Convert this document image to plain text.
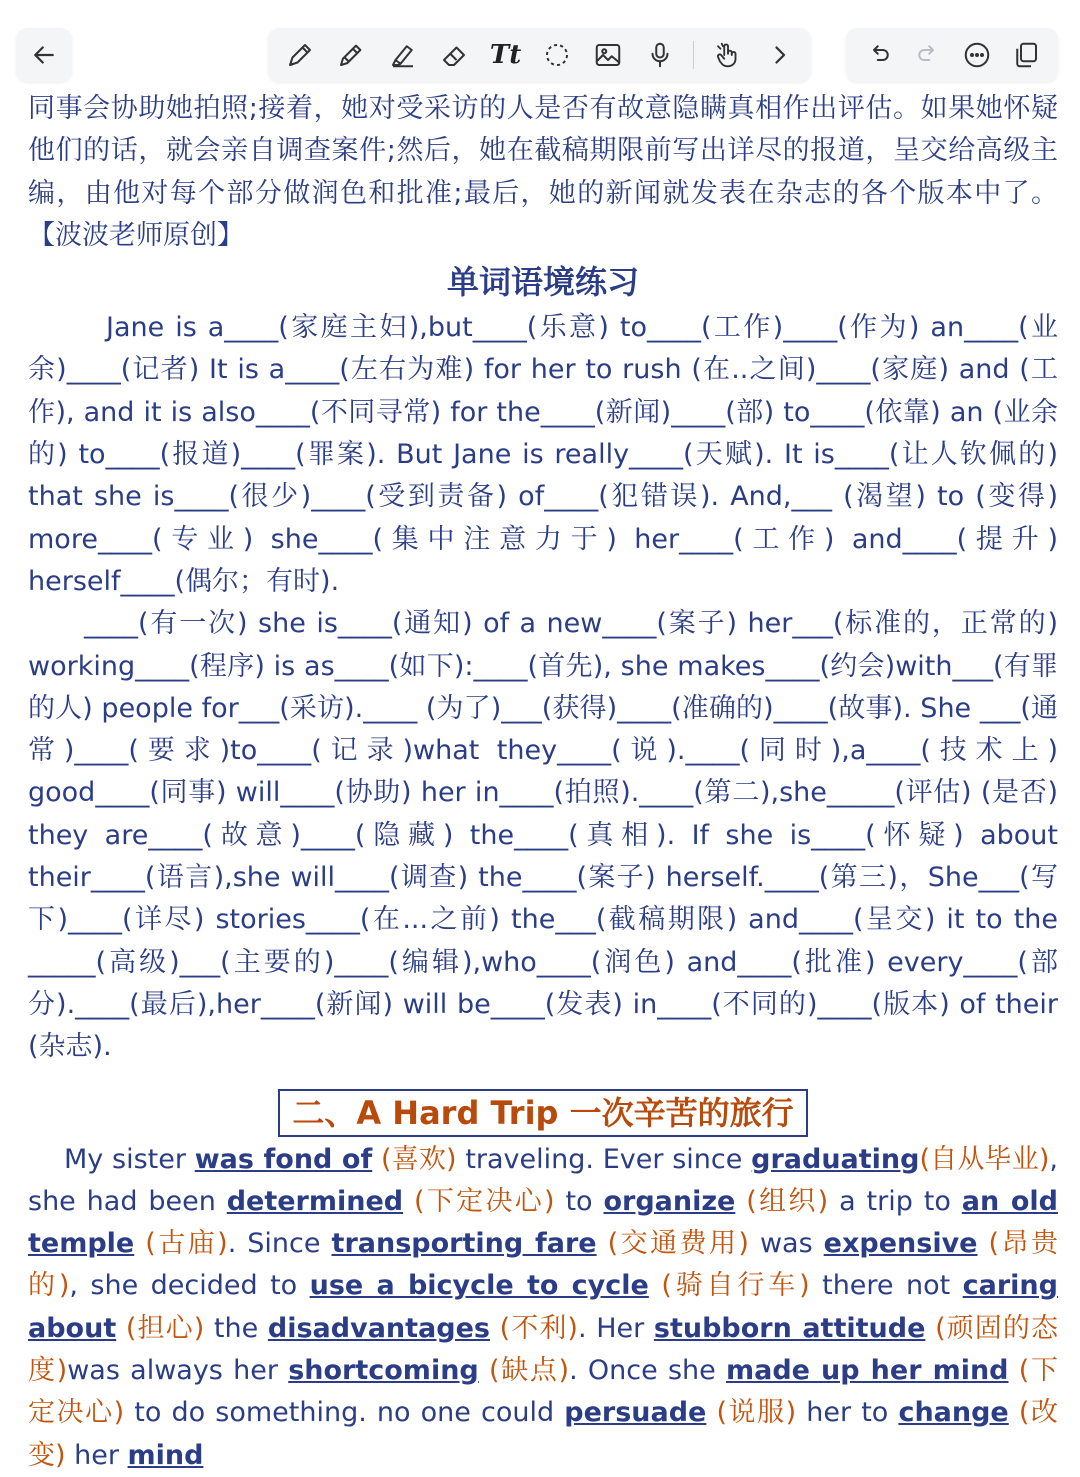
Tt

同事会协助她拍照;接着，她对受采访的人是否有故意隐瞒真相作出评估。如果她怀疑他们的话，就会亲自调查案件;然后，她在截稿期限前写出详尽的报道，呈交给高级主编，由他对每个部分做润色和批准;最后，她的新闻就发表在杂志的各个版本中了。 【波波老师原创】

单词语境练习

Jane is a____(家庭主妇),but____(乐意) to____(工作)____(作为) an____(业余)____(记者) It is a____(左右为难) for her to rush (在..之间)____(家庭) and (工作), and it is also____(不同寻常) for the____(新闻)____(部) to____(依靠) an (业余的) to____(报道)____(罪案). But Jane is really____(天赋). It is____(让人钦佩的) that she is____(很少)____(受到责备) of____(犯错误). And,___ (渴望) to (变得) more____(专业) she____(集中注意力于) her____(工作) and____(提升) herself____(偶尔；有时).

____(有一次) she is____(通知) of a new____(案子) her___(标准的，正常的) working____(程序) is as____(如下):____(首先), she makes____(约会)with___(有罪的人) people for___(采访).____ (为了)___(获得)____(准确的)____(故事). She ___(通常)____(要求)to____(记录)what they____(说).____(同时),a____(技术上) good____(同事) will____(协助) her in____(拍照).____(第二),she_____(评估) (是否) they are____(故意)____(隐藏) the____(真相). If she is____(怀疑) about their____(语言),she will____(调查) the____(案子) herself.____(第三)，She___(写下)____(详尽) stories____(在...之前) the___(截稿期限) and____(呈交) it to the _____(高级)___(主要的)____(编辑),who____(润色) and____(批准) every____(部分).____(最后),her____(新闻) will be____(发表) in____(不同的)____(版本) of their (杂志).

二、A Hard Trip 一次辛苦的旅行

My sister was fond of (喜欢) traveling. Ever since graduating(自从毕业), she had been determined (下定决心) to organize (组织) a trip to an old temple (古庙). Since transporting fare (交通费用) was expensive (昂贵的), she decided to use a bicycle to cycle (骑自行车) there not caring about (担心) the disadvantages (不利). Her stubborn attitude (顽固的态度)was always her shortcoming (缺点). Once she made up her mind (下定决心) to do something. no one could persuade (说服) her to change (改变) her mind
